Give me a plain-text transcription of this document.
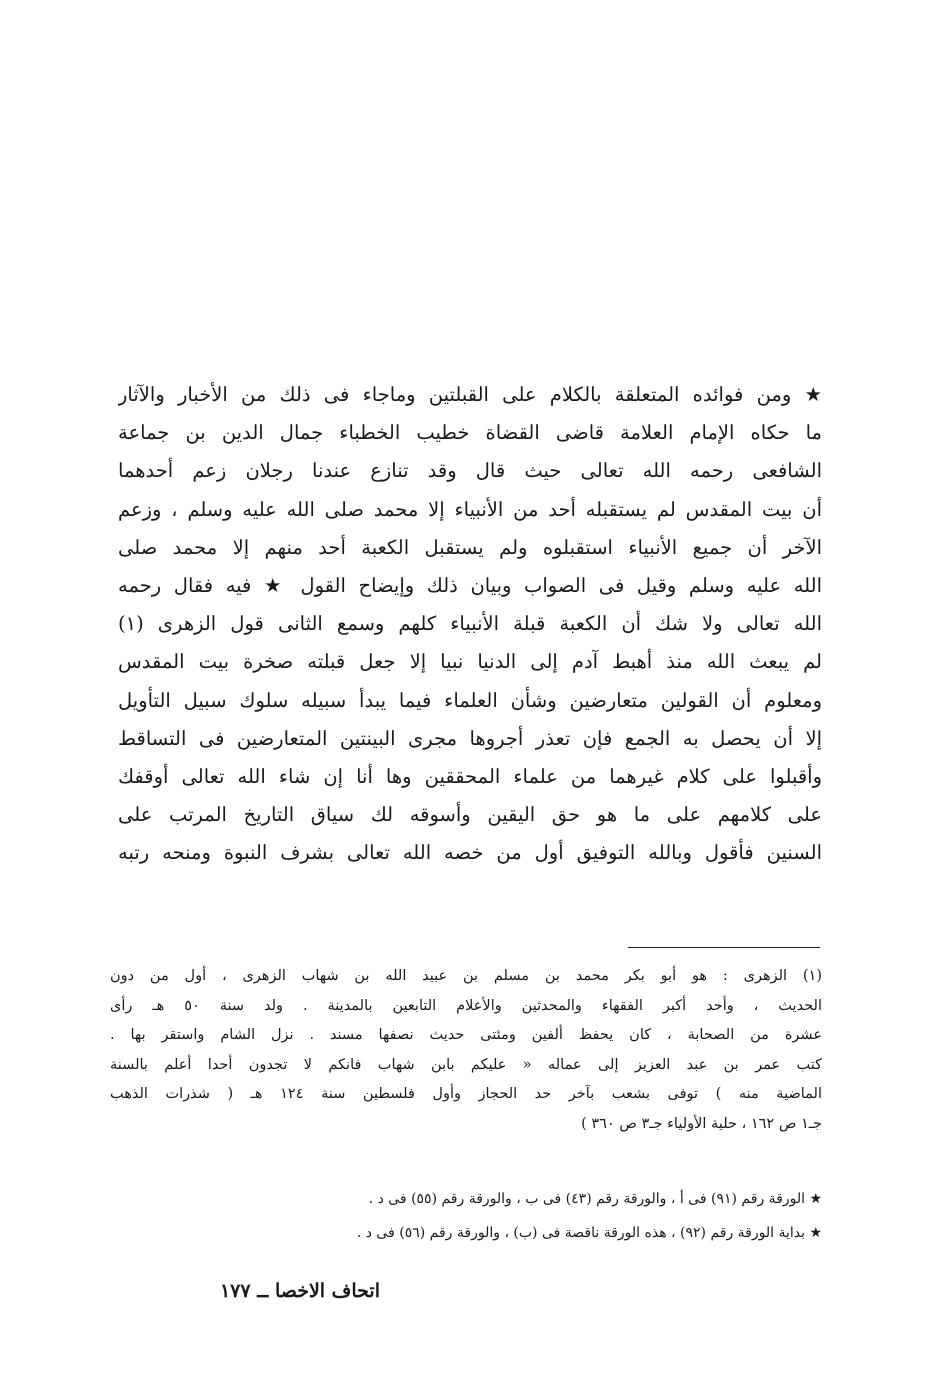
★ ومن فوائده المتعلقة بالكلام على القبلتين وماجاء فى ذلك من الأخبار والآثار
ما حكاه الإمام العلامة قاضى القضاة خطيب الخطباء جمال الدين بن جماعة
الشافعى رحمه الله تعالى حيث قال وقد تنازع عندنا رجلان زعم أحدهما
أن بيت المقدس لم يستقبله أحد من الأنبياء إلا محمد صلى الله عليه وسلم ، وزعم
الآخر أن جميع الأنبياء استقبلوه ولم يستقبل الكعبة أحد منهم إلا محمد صلى
الله عليه وسلم وقيل فى الصواب وبيان ذلك وإيضاح القول ★ فيه فقال رحمه
الله تعالى ولا شك أن الكعبة قبلة الأنبياء كلهم وسمع الثانى قول الزهرى (١)
لم يبعث الله منذ أهبط آدم إلى الدنيا نبيا إلا جعل قبلته صخرة بيت المقدس
ومعلوم أن القولين متعارضين وشأن العلماء فيما يبدأ سبيله سلوك سبيل التأويل
إلا أن يحصل به الجمع فإن تعذر أجروها مجرى البينتين المتعارضين فى التساقط
وأقبلوا على كلام غيرهما من علماء المحققين وها أنا إن شاء الله تعالى أوقفك
على كلامهم على ما هو حق اليقين وأسوقه لك سياق التاريخ المرتب على
السنين فأقول وبالله التوفيق أول من خصه الله تعالى بشرف النبوة ومنحه رتبه
(١) الزهرى : هو أبو بكر محمد بن مسلم بن عبيد الله بن شهاب الزهرى ، أول من دون
الحديث ، وأحد أكبر الفقهاء والمحدثين والأعلام التابعين بالمدينة . ولد سنة ٥٠ هـ رأى
عشرة من الصحابة ، كان يحفظ ألفين ومئتى حديث نصفها مسند . نزل الشام واستقر بها .
كتب عمر بن عبد العزيز إلى عماله « عليكم بابن شهاب فانكم لا تجدون أحدا أعلم بالسنة
الماضية منه ) توفى بشعب بآخر حد الحجاز وأول فلسطين سنة ١٢٤ هـ ( شذرات الذهب
جـ١ ص ١٦٢ ، حلية الأولياء جـ٣ ص ٣٦٠ )
★ الورقة رقم (٩١) فى أ ، والورقة رقم (٤٣) فى ب ، والورقة رقم (٥٥) فى د .
★ بداية الورقة رقم (٩٢) ، هذه الورقة ناقصة فى (ب) ، والورقة رقم (٥٦) فى د .
اتحاف الاخصا ــ ١٧٧
